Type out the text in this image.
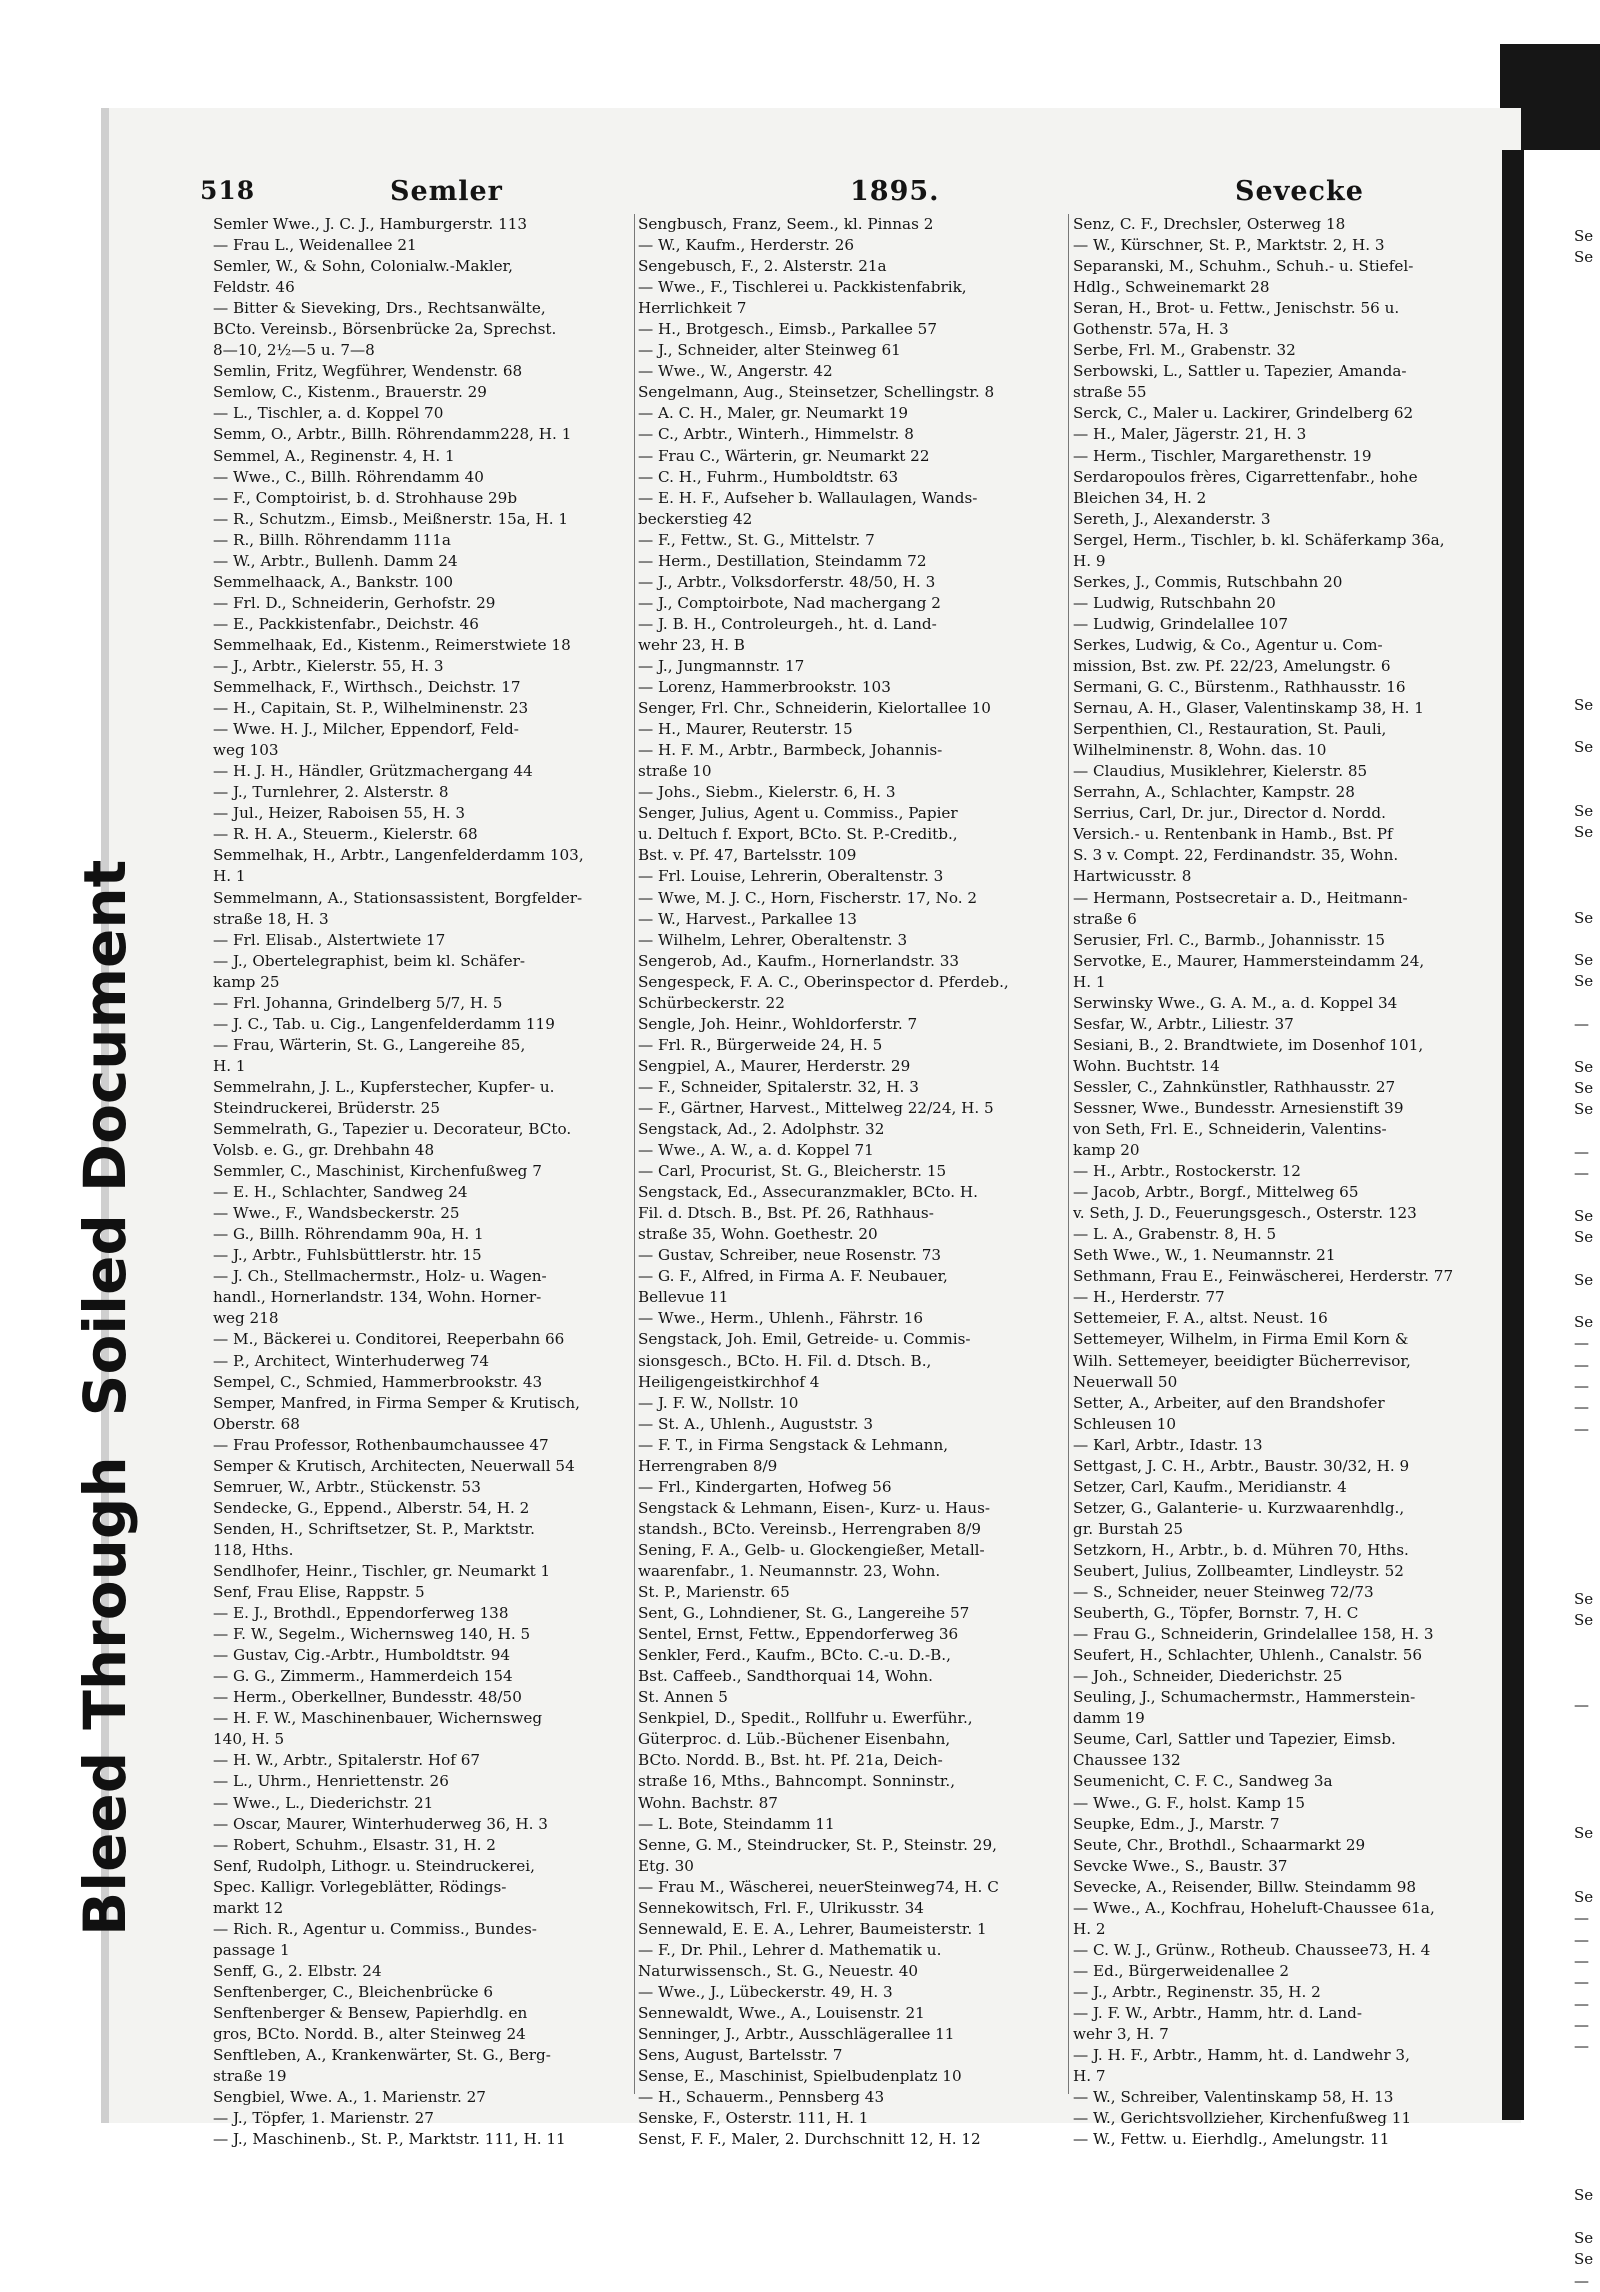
Bleed
Through
Soiled
Document
518	Semler	1895.	Sevecke
Semler Wwe., J. C. J., Hamburgerstr. 113
— Frau L., Weidenallee 21
Semler, W., & Sohn, Colonialw.-Makler,
Feldstr. 46
— Bitter & Sieveking, Drs., Rechtsanwälte,
BCto. Vereinsb., Börsenbrücke 2a, Sprechst.
8—10, 2½—5 u. 7—8
Semlin, Fritz, Wegführer, Wendenstr. 68
Semlow, C., Kistenm., Brauerstr. 29
— L., Tischler, a. d. Koppel 70
Semm, O., Arbtr., Billh. Röhrendamm228, H. 1
Semmel, A., Reginenstr. 4, H. 1
— Wwe., C., Billh. Röhrendamm 40
— F., Comptoirist, b. d. Strohhause 29b
— R., Schutzm., Eimsb., Meißnerstr. 15a, H. 1
— R., Billh. Röhrendamm 111a
— W., Arbtr., Bullenh. Damm 24
Semmelhaack, A., Bankstr. 100
— Frl. D., Schneiderin, Gerhofstr. 29
— E., Packkistenfabr., Deichstr. 46
Semmelhaak, Ed., Kistenm., Reimerstwiete 18
— J., Arbtr., Kielerstr. 55, H. 3
Semmelhack, F., Wirthsch., Deichstr. 17
— H., Capitain, St. P., Wilhelminenstr. 23
— Wwe. H. J., Milcher, Eppendorf, Feld-
weg 103
— H. J. H., Händler, Grützmachergang 44
— J., Turnlehrer, 2. Alsterstr. 8
— Jul., Heizer, Raboisen 55, H. 3
— R. H. A., Steuerm., Kielerstr. 68
Semmelhak, H., Arbtr., Langenfelderdamm 103,
H. 1
Semmelmann, A., Stationsassistent, Borgfelder-
straße 18, H. 3
— Frl. Elisab., Alstertwiete 17
— J., Obertelegraphist, beim kl. Schäfer-
kamp 25
— Frl. Johanna, Grindelberg 5/7, H. 5
— J. C., Tab. u. Cig., Langenfelderdamm 119
— Frau, Wärterin, St. G., Langereihe 85,
H. 1
Semmelrahn, J. L., Kupferstecher, Kupfer- u.
Steindruckerei, Brüderstr. 25
Semmelrath, G., Tapezier u. Decorateur, BCto.
Volsb. e. G., gr. Drehbahn 48
Semmler, C., Maschinist, Kirchenfußweg 7
— E. H., Schlachter, Sandweg 24
— Wwe., F., Wandsbeckerstr. 25
— G., Billh. Röhrendamm 90a, H. 1
— J., Arbtr., Fuhlsbüttlerstr. htr. 15
— J. Ch., Stellmachermstr., Holz- u. Wagen-
handl., Hornerlandstr. 134, Wohn. Horner-
weg 218
— M., Bäckerei u. Conditorei, Reeperbahn 66
— P., Architect, Winterhuderweg 74
Sempel, C., Schmied, Hammerbrookstr. 43
Semper, Manfred, in Firma Semper & Krutisch,
Oberstr. 68
— Frau Professor, Rothenbaumchaussee 47
Semper & Krutisch, Architecten, Neuerwall 54
Semruer, W., Arbtr., Stückenstr. 53
Sendecke, G., Eppend., Alberstr. 54, H. 2
Senden, H., Schriftsetzer, St. P., Marktstr.
118, Hths.
Sendlhofer, Heinr., Tischler, gr. Neumarkt 1
Senf, Frau Elise, Rappstr. 5
— E. J., Brothdl., Eppendorferweg 138
— F. W., Segelm., Wichernsweg 140, H. 5
— Gustav, Cig.-Arbtr., Humboldtstr. 94
— G. G., Zimmerm., Hammerdeich 154
— Herm., Oberkellner, Bundesstr. 48/50
— H. F. W., Maschinenbauer, Wichernsweg
140, H. 5
— H. W., Arbtr., Spitalerstr. Hof 67
— L., Uhrm., Henriettenstr. 26
— Wwe., L., Diederichstr. 21
— Oscar, Maurer, Winterhuderweg 36, H. 3
— Robert, Schuhm., Elsastr. 31, H. 2
Senf, Rudolph, Lithogr. u. Steindruckerei,
Spec. Kalligr. Vorlegeblätter, Rödings-
markt 12
— Rich. R., Agentur u. Commiss., Bundes-
passage 1
Senff, G., 2. Elbstr. 24
Senftenberger, C., Bleichenbrücke 6
Senftenberger & Bensew, Papierhdlg. en
gros, BCto. Nordd. B., alter Steinweg 24
Senftleben, A., Krankenwärter, St. G., Berg-
straße 19
Sengbiel, Wwe. A., 1. Marienstr. 27
— J., Töpfer, 1. Marienstr. 27
— J., Maschinenb., St. P., Marktstr. 111, H. 11
Sengbusch, Franz, Seem., kl. Pinnas 2
— W., Kaufm., Herderstr. 26
Sengebusch, F., 2. Alsterstr. 21a
— Wwe., F., Tischlerei u. Packkistenfabrik,
Herrlichkeit 7
— H., Brotgesch., Eimsb., Parkallee 57
— J., Schneider, alter Steinweg 61
— Wwe., W., Angerstr. 42
Sengelmann, Aug., Steinsetzer, Schellingstr. 8
— A. C. H., Maler, gr. Neumarkt 19
— C., Arbtr., Winterh., Himmelstr. 8
— Frau C., Wärterin, gr. Neumarkt 22
— C. H., Fuhrm., Humboldtstr. 63
— E. H. F., Aufseher b. Wallaulagen, Wands-
beckerstieg 42
— F., Fettw., St. G., Mittelstr. 7
— Herm., Destillation, Steindamm 72
— J., Arbtr., Volksdorferstr. 48/50, H. 3
— J., Comptoirbote, Nad machergang 2
— J. B. H., Controleurgeh., ht. d. Land-
wehr 23, H. B
— J., Jungmannstr. 17
— Lorenz, Hammerbrookstr. 103
Senger, Frl. Chr., Schneiderin, Kielortallee 10
— H., Maurer, Reuterstr. 15
— H. F. M., Arbtr., Barmbeck, Johannis-
straße 10
— Johs., Siebm., Kielerstr. 6, H. 3
Senger, Julius, Agent u. Commiss., Papier
u. Deltuch f. Export, BCto. St. P.-Creditb.,
Bst. v. Pf. 47, Bartelsstr. 109
— Frl. Louise, Lehrerin, Oberaltenstr. 3
— Wwe, M. J. C., Horn, Fischerstr. 17, No. 2
— W., Harvest., Parkallee 13
— Wilhelm, Lehrer, Oberaltenstr. 3
Sengerob, Ad., Kaufm., Hornerlandstr. 33
Sengespeck, F. A. C., Oberinspector d. Pferdeb.,
Schürbeckerstr. 22
Sengle, Joh. Heinr., Wohldorferstr. 7
— Frl. R., Bürgerweide 24, H. 5
Sengpiel, A., Maurer, Herderstr. 29
— F., Schneider, Spitalerstr. 32, H. 3
— F., Gärtner, Harvest., Mittelweg 22/24, H. 5
Sengstack, Ad., 2. Adolphstr. 32
— Wwe., A. W., a. d. Koppel 71
— Carl, Procurist, St. G., Bleicherstr. 15
Sengstack, Ed., Assecuranzmakler, BCto. H.
Fil. d. Dtsch. B., Bst. Pf. 26, Rathhaus-
straße 35, Wohn. Goethestr. 20
— Gustav, Schreiber, neue Rosenstr. 73
— G. F., Alfred, in Firma A. F. Neubauer,
Bellevue 11
— Wwe., Herm., Uhlenh., Fährstr. 16
Sengstack, Joh. Emil, Getreide- u. Commis-
sionsgesch., BCto. H. Fil. d. Dtsch. B.,
Heiligengeistkirchhof 4
— J. F. W., Nollstr. 10
— St. A., Uhlenh., Auguststr. 3
— F. T., in Firma Sengstack & Lehmann,
Herrengraben 8/9
— Frl., Kindergarten, Hofweg 56
Sengstack & Lehmann, Eisen-, Kurz- u. Haus-
standsh., BCto. Vereinsb., Herrengraben 8/9
Sening, F. A., Gelb- u. Glockengießer, Metall-
waarenfabr., 1. Neumannstr. 23, Wohn.
St. P., Marienstr. 65
Sent, G., Lohndiener, St. G., Langereihe 57
Sentel, Ernst, Fettw., Eppendorferweg 36
Senkler, Ferd., Kaufm., BCto. C.-u. D.-B.,
Bst. Caffeeb., Sandthorquai 14, Wohn.
St. Annen 5
Senkpiel, D., Spedit., Rollfuhr u. Ewerführ.,
Güterproc. d. Lüb.-Büchener Eisenbahn,
BCto. Nordd. B., Bst. ht. Pf. 21a, Deich-
straße 16, Mths., Bahncompt. Sonninstr.,
Wohn. Bachstr. 87
— L. Bote, Steindamm 11
Senne, G. M., Steindrucker, St. P., Steinstr. 29,
Etg. 30
— Frau M., Wäscherei, neuerSteinweg74, H. C
Sennekowitsch, Frl. F., Ulrikusstr. 34
Sennewald, E. E. A., Lehrer, Baumeisterstr. 1
— F., Dr. Phil., Lehrer d. Mathematik u.
Naturwissensch., St. G., Neuestr. 40
— Wwe., J., Lübeckerstr. 49, H. 3
Sennewaldt, Wwe., A., Louisenstr. 21
Senninger, J., Arbtr., Ausschlägerallee 11
Sens, August, Bartelsstr. 7
Sense, E., Maschinist, Spielbudenplatz 10
— H., Schauerm., Pennsberg 43
Senske, F., Osterstr. 111, H. 1
Senst, F. F., Maler, 2. Durchschnitt 12, H. 12
Senz, C. F., Drechsler, Osterweg 18
— W., Kürschner, St. P., Marktstr. 2, H. 3
Separanski, M., Schuhm., Schuh.- u. Stiefel-
Hdlg., Schweinemarkt 28
Seran, H., Brot- u. Fettw., Jenischstr. 56 u.
Gothenstr. 57a, H. 3
Serbe, Frl. M., Grabenstr. 32
Serbowski, L., Sattler u. Tapezier, Amanda-
straße 55
Serck, C., Maler u. Lackirer, Grindelberg 62
— H., Maler, Jägerstr. 21, H. 3
— Herm., Tischler, Margarethenstr. 19
Serdaropoulos frères, Cigarrettenfabr., hohe
Bleichen 34, H. 2
Sereth, J., Alexanderstr. 3
Sergel, Herm., Tischler, b. kl. Schäferkamp 36a,
H. 9
Serkes, J., Commis, Rutschbahn 20
— Ludwig, Rutschbahn 20
— Ludwig, Grindelallee 107
Serkes, Ludwig, & Co., Agentur u. Com-
mission, Bst. zw. Pf. 22/23, Amelungstr. 6
Sermani, G. C., Bürstenm., Rathhausstr. 16
Sernau, A. H., Glaser, Valentinskamp 38, H. 1
Serpenthien, Cl., Restauration, St. Pauli,
Wilhelminenstr. 8, Wohn. das. 10
— Claudius, Musiklehrer, Kielerstr. 85
Serrahn, A., Schlachter, Kampstr. 28
Serrius, Carl, Dr. jur., Director d. Nordd.
Versich.- u. Rentenbank in Hamb., Bst. Pf
S. 3 v. Compt. 22, Ferdinandstr. 35, Wohn.
Hartwicusstr. 8
— Hermann, Postsecretair a. D., Heitmann-
straße 6
Serusier, Frl. C., Barmb., Johannisstr. 15
Servotke, E., Maurer, Hammersteindamm 24,
H. 1
Serwinsky Wwe., G. A. M., a. d. Koppel 34
Sesfar, W., Arbtr., Liliestr. 37
Sesiani, B., 2. Brandtwiete, im Dosenhof 101,
Wohn. Buchtstr. 14
Sessler, C., Zahnkünstler, Rathhausstr. 27
Sessner, Wwe., Bundesstr. Arnesienstift 39
von Seth, Frl. E., Schneiderin, Valentins-
kamp 20
— H., Arbtr., Rostockerstr. 12
— Jacob, Arbtr., Borgf., Mittelweg 65
v. Seth, J. D., Feuerungsgesch., Osterstr. 123
— L. A., Grabenstr. 8, H. 5
Seth Wwe., W., 1. Neumannstr. 21
Sethmann, Frau E., Feinwäscherei, Herderstr. 77
— H., Herderstr. 77
Settemeier, F. A., altst. Neust. 16
Settemeyer, Wilhelm, in Firma Emil Korn &
Wilh. Settemeyer, beeidigter Bücherrevisor,
Neuerwall 50
Setter, A., Arbeiter, auf den Brandshofer
Schleusen 10
— Karl, Arbtr., Idastr. 13
Settgast, J. C. H., Arbtr., Baustr. 30/32, H. 9
Setzer, Carl, Kaufm., Meridianstr. 4
Setzer, G., Galanterie- u. Kurzwaarenhdlg.,
gr. Burstah 25
Setzkorn, H., Arbtr., b. d. Mühren 70, Hths.
Seubert, Julius, Zollbeamter, Lindleystr. 52
— S., Schneider, neuer Steinweg 72/73
Seuberth, G., Töpfer, Bornstr. 7, H. C
— Frau G., Schneiderin, Grindelallee 158, H. 3
Seufert, H., Schlachter, Uhlenh., Canalstr. 56
— Joh., Schneider, Diederichstr. 25
Seuling, J., Schumachermstr., Hammerstein-
damm 19
Seume, Carl, Sattler und Tapezier, Eimsb.
Chaussee 132
Seumenicht, C. F. C., Sandweg 3a
— Wwe., G. F., holst. Kamp 15
Seupke, Edm., J., Marstr. 7
Seute, Chr., Brothdl., Schaarmarkt 29
Sevcke Wwe., S., Baustr. 37
Sevecke, A., Reisender, Billw. Steindamm 98
— Wwe., A., Kochfrau, Hoheluft-Chaussee 61a,
H. 2
— C. W. J., Grünw., Rotheub. Chaussee73, H. 4
— Ed., Bürgerweidenallee 2
— J., Arbtr., Reginenstr. 35, H. 2
— J. F. W., Arbtr., Hamm, htr. d. Land-
wehr 3, H. 7
— J. H. F., Arbtr., Hamm, ht. d. Landwehr 3,
H. 7
— W., Schreiber, Valentinskamp 58, H. 13
— W., Gerichtsvollzieher, Kirchenfußweg 11
— W., Fettw. u. Eierhdlg., Amelungstr. 11
Se
Se
Se
Se
Se
Se
Se
Se
Se
—
Se
Se
Se
—
—
Se
Se
Se
Se
—
—
—
—
—
Se
Se
—
Se
Se
—
—
—
—
—
—
—
Se
Se
Se
—
